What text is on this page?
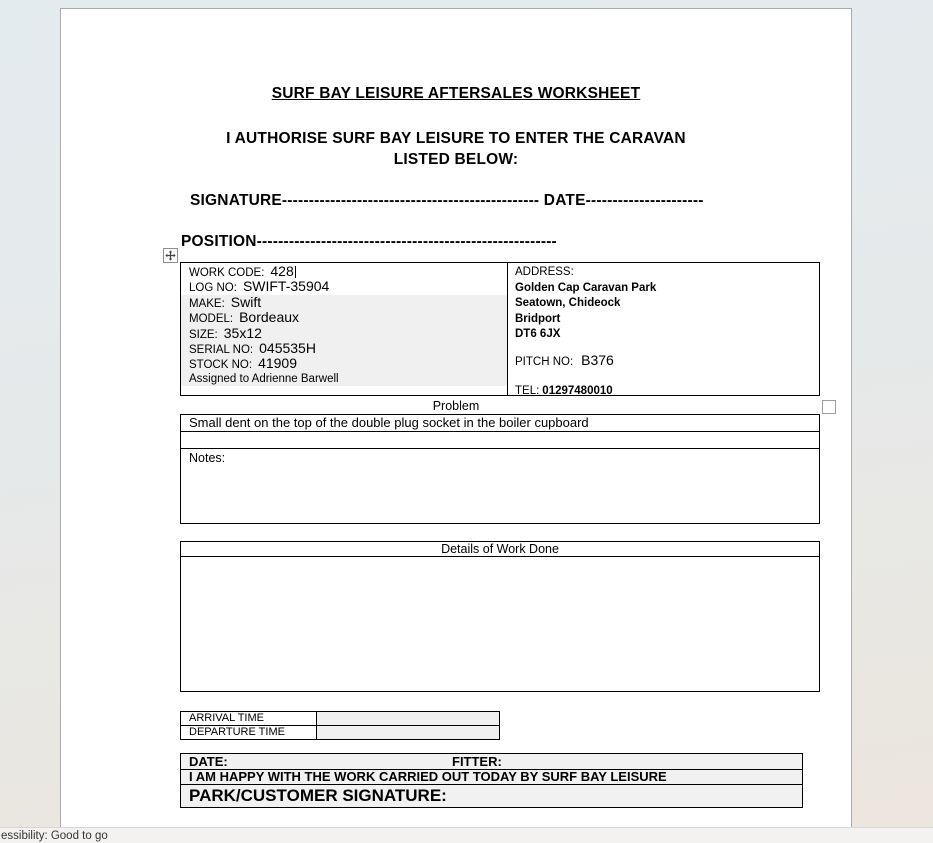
SURF BAY LEISURE AFTERSALES WORKSHEET
I AUTHORISE SURF BAY LEISURE TO ENTER THE CARAVAN
LISTED BELOW:
SIGNATURE------------------------------------------------ DATE----------------------
POSITION--------------------------------------------------------
WORK CODE: 428
LOG NO: SWIFT-35904
MAKE: Swift
MODEL: Bordeaux
SIZE: 35x12
SERIAL NO: 045535H
STOCK NO: 41909
Assigned to Adrienne Barwell
ADDRESS:
Golden Cap Caravan Park
Seatown, Chideock
Bridport
DT6 6JX
PITCH NO: B376
TEL: 01297480010
Problem
Small dent on the top of the double plug socket in the boiler cupboard
Notes:
Details of Work Done
ARRIVAL TIME
DEPARTURE TIME
DATE:	FITTER:
I AM HAPPY WITH THE WORK CARRIED OUT TODAY BY SURF BAY LEISURE
PARK/CUSTOMER SIGNATURE:
essibility: Good to go
